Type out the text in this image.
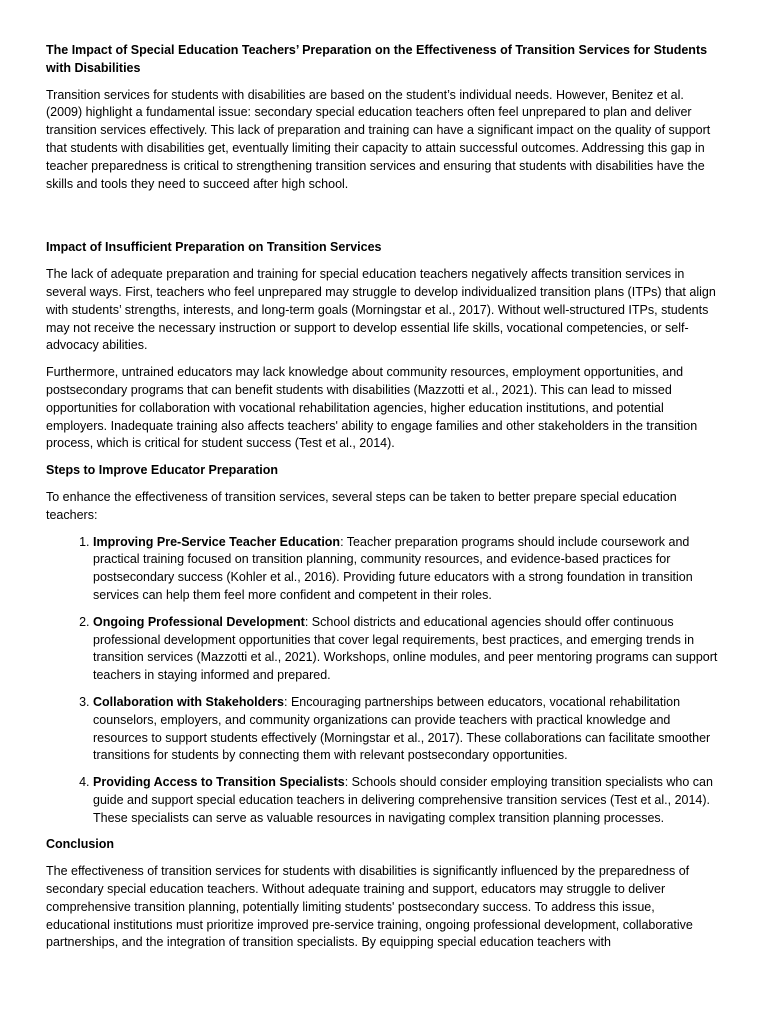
The Impact of Special Education Teachers’ Preparation on the Effectiveness of Transition Services for Students with Disabilities

Transition services for students with disabilities are based on the student’s individual needs. However, Benitez et al. (2009) highlight a fundamental issue: secondary special education teachers often feel unprepared to plan and deliver transition services effectively. This lack of preparation and training can have a significant impact on the quality of support that students with disabilities get, eventually limiting their capacity to attain successful outcomes. Addressing this gap in teacher preparedness is critical to strengthening transition services and ensuring that students with disabilities have the skills and tools they need to succeed after high school.

Impact of Insufficient Preparation on Transition Services

The lack of adequate preparation and training for special education teachers negatively affects transition services in several ways. First, teachers who feel unprepared may struggle to develop individualized transition plans (ITPs) that align with students’ strengths, interests, and long-term goals (Morningstar et al., 2017). Without well-structured ITPs, students may not receive the necessary instruction or support to develop essential life skills, vocational competencies, or self-advocacy abilities.

Furthermore, untrained educators may lack knowledge about community resources, employment opportunities, and postsecondary programs that can benefit students with disabilities (Mazzotti et al., 2021). This can lead to missed opportunities for collaboration with vocational rehabilitation agencies, higher education institutions, and potential employers. Inadequate training also affects teachers' ability to engage families and other stakeholders in the transition process, which is critical for student success (Test et al., 2014).

Steps to Improve Educator Preparation

To enhance the effectiveness of transition services, several steps can be taken to better prepare special education teachers:

1. Improving Pre-Service Teacher Education: Teacher preparation programs should include coursework and practical training focused on transition planning, community resources, and evidence-based practices for postsecondary success (Kohler et al., 2016). Providing future educators with a strong foundation in transition services can help them feel more confident and competent in their roles.
2. Ongoing Professional Development: School districts and educational agencies should offer continuous professional development opportunities that cover legal requirements, best practices, and emerging trends in transition services (Mazzotti et al., 2021). Workshops, online modules, and peer mentoring programs can support teachers in staying informed and prepared.
3. Collaboration with Stakeholders: Encouraging partnerships between educators, vocational rehabilitation counselors, employers, and community organizations can provide teachers with practical knowledge and resources to support students effectively (Morningstar et al., 2017). These collaborations can facilitate smoother transitions for students by connecting them with relevant postsecondary opportunities.
4. Providing Access to Transition Specialists: Schools should consider employing transition specialists who can guide and support special education teachers in delivering comprehensive transition services (Test et al., 2014). These specialists can serve as valuable resources in navigating complex transition planning processes.
Conclusion

The effectiveness of transition services for students with disabilities is significantly influenced by the preparedness of secondary special education teachers. Without adequate training and support, educators may struggle to deliver comprehensive transition planning, potentially limiting students' postsecondary success. To address this issue, educational institutions must prioritize improved pre-service training, ongoing professional development, collaborative partnerships, and the integration of transition specialists. By equipping special education teachers with
